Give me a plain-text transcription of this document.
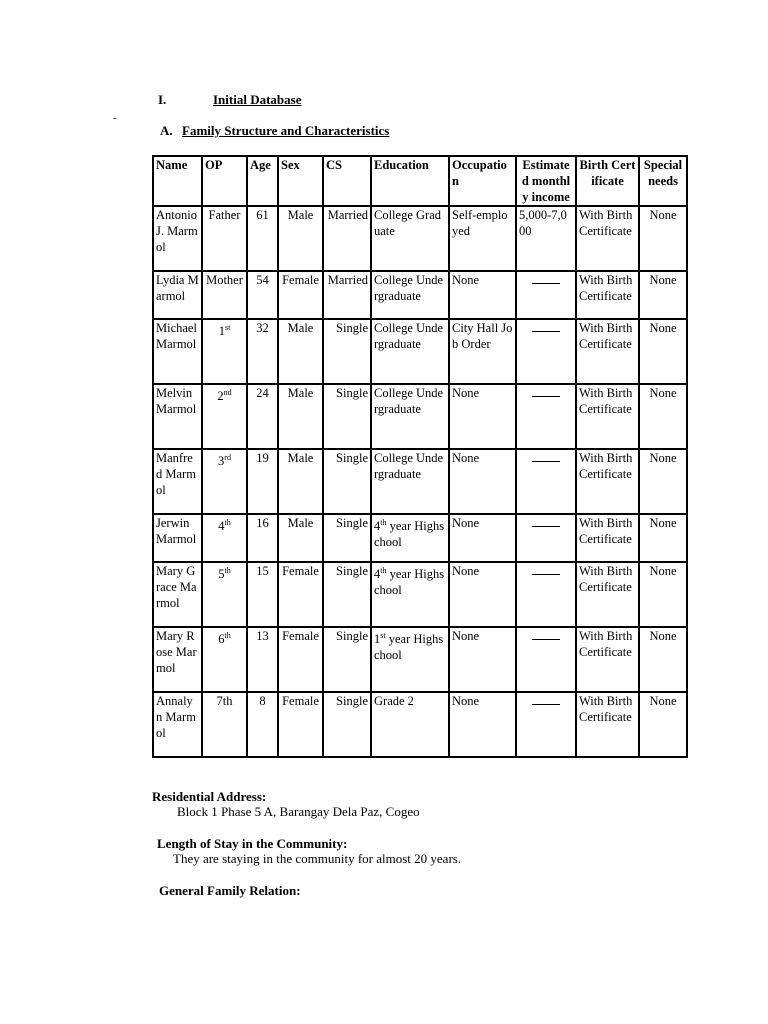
-
I.	Initial Database
A. Family Structure and Characteristics
Name	OP	Age	Sex	CS	Education	Occupation	Estimated monthly income	Birth Certificate	Special needs
Antonio J. Marmol	Father	61	Male	Married	College Graduate	Self-employed	5,000-7,000	With Birth Certificate	None
Lydia Marmol	Mother	54	Female	Married	College Undergraduate	None		With Birth Certificate	None
Michael Marmol	1st	32	Male	Single	College Undergraduate	City Hall Job Order		With Birth Certificate	None
Melvin Marmol	2nd	24	Male	Single	College Undergraduate	None		With Birth Certificate	None
Manfred Marmol	3rd	19	Male	Single	College Undergraduate	None		With Birth Certificate	None
Jerwin Marmol	4th	16	Male	Single	4th year Highschool	None		With Birth Certificate	None
Mary Grace Marmol	5th	15	Female	Single	4th year Highschool	None		With Birth Certificate	None
Mary Rose Marmol	6th	13	Female	Single	1st year Highschool	None		With Birth Certificate	None
Annalyn Marmol	7th	8	Female	Single	Grade 2	None		With Birth Certificate	None
Residential Address:
Block 1 Phase 5 A, Barangay Dela Paz, Cogeo
Length of Stay in the Community:
They are staying in the community for almost 20 years.
General Family Relation:
